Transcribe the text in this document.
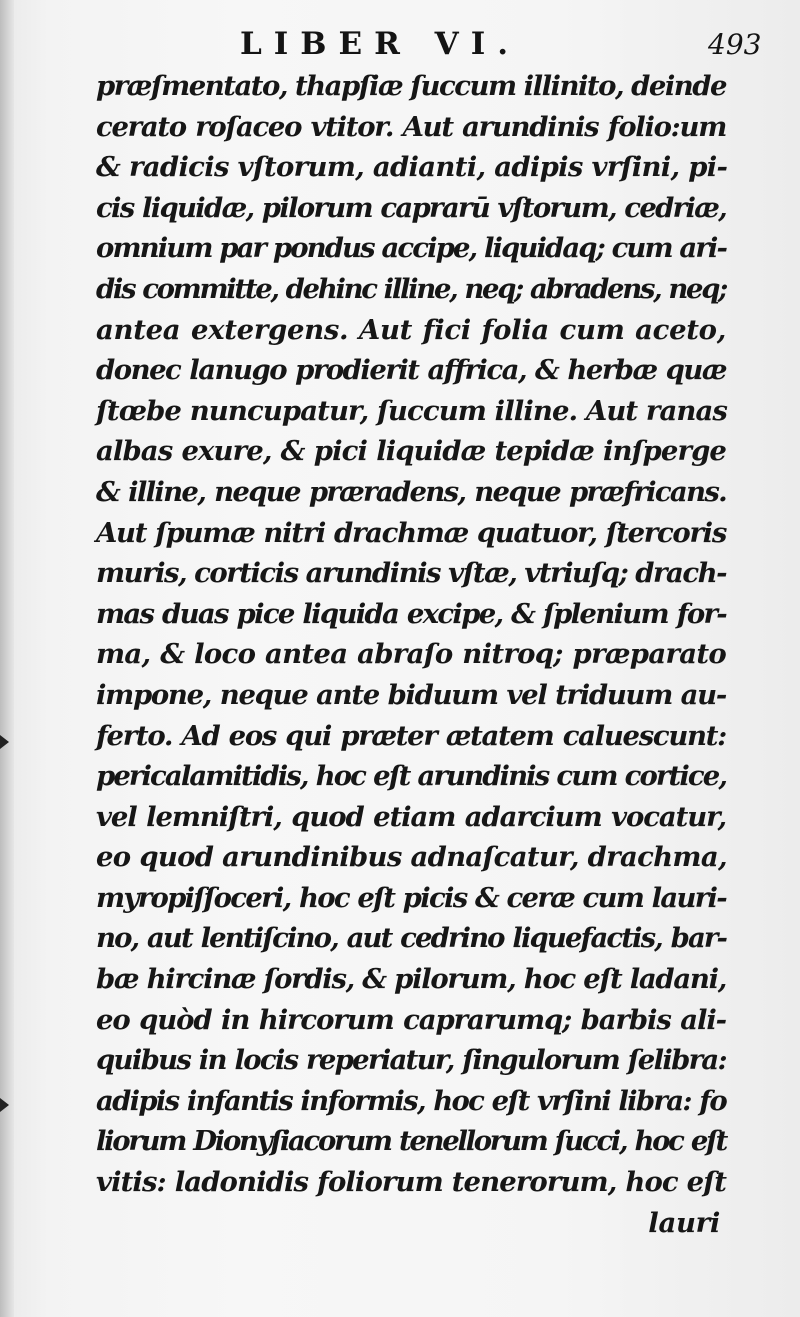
LIBER VI.	493
præſmentato, thapſiæ ſuccum illinito, deinde
cerato roſaceo vtitor. Aut arundinis folio:um
& radicis vſtorum, adianti, adipis vrſini, pi-
cis liquidæ, pilorum caprarū vſtorum, cedriæ,
omnium par pondus accipe, liquidaq; cum ari-
dis committe, dehinc illine, neq; abradens, neq;
antea extergens. Aut fici folia cum aceto,
donec lanugo prodierit affrica, & herbæ quæ
ſtœbe nuncupatur, ſuccum illine. Aut ranas
albas exure, & pici liquidæ tepidæ inſperge
& illine, neque præradens, neque præfricans.
Aut ſpumæ nitri drachmæ quatuor, ſtercoris
muris, corticis arundinis vſtæ, vtriuſq; drach-
mas duas pice liquida excipe, & ſplenium for-
ma, & loco antea abraſo nitroq; præparato
impone, neque ante biduum vel triduum au-
ferto. Ad eos qui præter ætatem caluescunt:
pericalamitidis, hoc eſt arundinis cum cortice,
vel lemniſtri, quod etiam adarcium vocatur,
eo quod arundinibus adnaſcatur, drachma,
myropiſſoceri, hoc eſt picis & ceræ cum lauri-
no, aut lentiſcino, aut cedrino liquefactis, bar-
bæ hircinæ ſordis, & pilorum, hoc eſt ladani,
eo quòd in hircorum caprarumq; barbis ali-
quibus in locis reperiatur, ſingulorum ſelibra:
adipis infantis informis, hoc eſt vrſini libra: fo
liorum Dionyſiacorum tenellorum ſucci, hoc eſt
vitis: ladonidis foliorum tenerorum, hoc eſt
lauri
